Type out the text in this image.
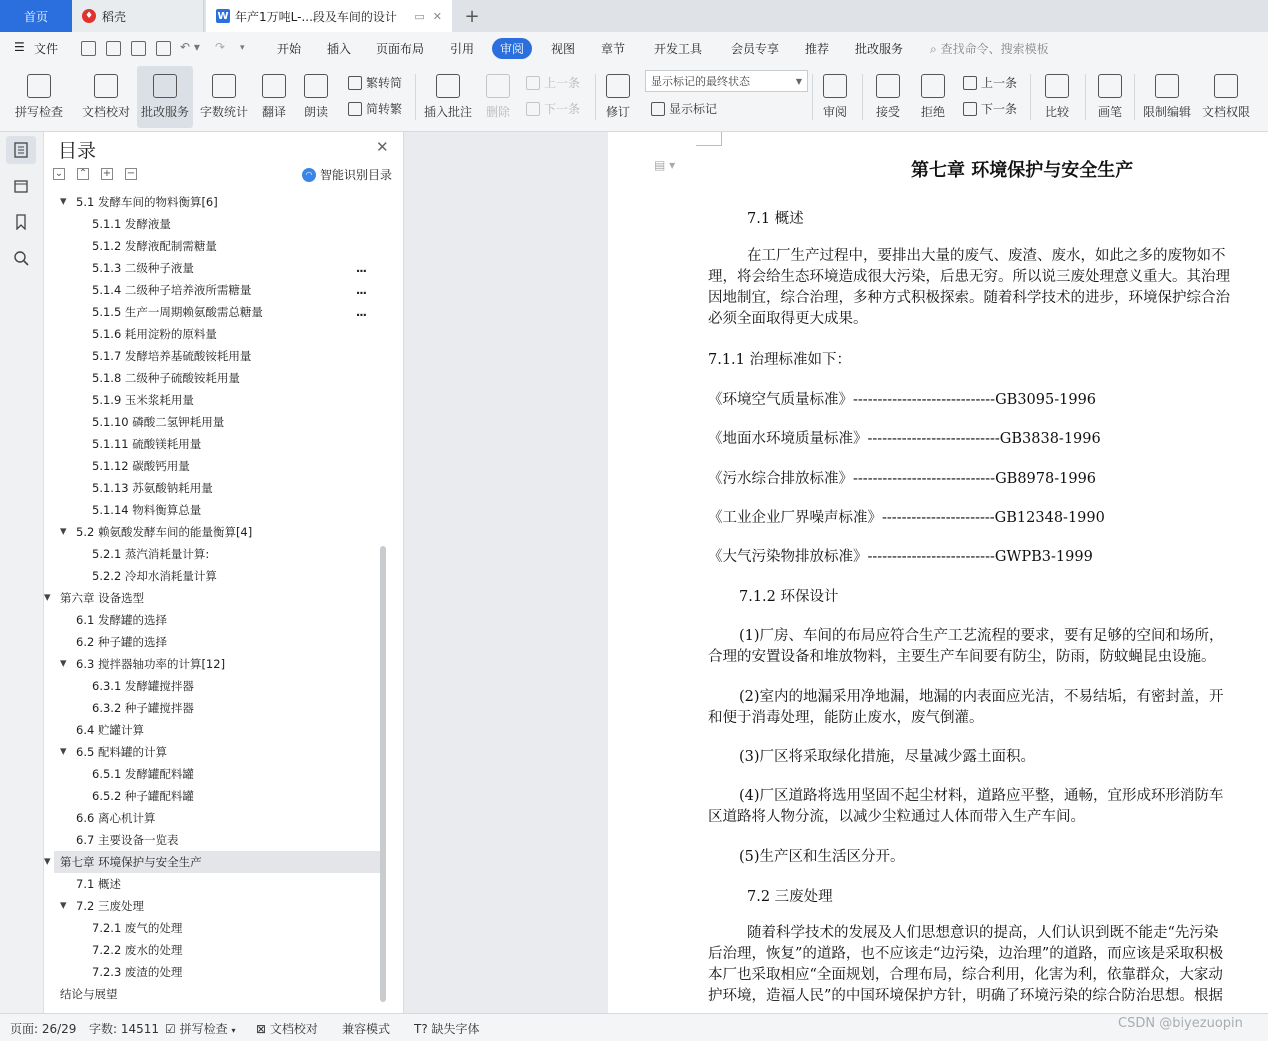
首页	♦ 稻壳	W 年产1万吨L-...段及车间的设计 ▭ ✕ +
☰ 文件	↶ ▾ ↷ ▾	开始 插入 页面布局 引用	审阅	视图 章节 开发工具 会员专享 推荐 批改服务 ⌕ 查找命令、搜索模板
拼写检查 文档校对 批改服务 字数统计 翻译 朗读
繁转简
简转繁 插入批注 删除
上一条
下一条 修订
显示标记的最终状态	▼
显示标记	审阅 接受 拒绝
上一条
下一条 比较 画笔 限制编辑 文档权限
目录	✕
⌄ ⌃ + −	◠ 智能识别目录
▾ 5.1 发酵车间的物料衡算[6]
5.1.1 发酵液量
5.1.2 发酵液配制需糖量
5.1.3 二级种子液量	...
5.1.4 二级种子培养液所需糖量	...
5.1.5 生产一周期赖氨酸需总糖量	...
5.1.6 耗用淀粉的原料量
5.1.7 发酵培养基硫酸铵耗用量
5.1.8 二级种子硫酸铵耗用量
5.1.9 玉米浆耗用量
5.1.10 磷酸二氢钾耗用量
5.1.11 硫酸镁耗用量
5.1.12 碳酸钙用量
5.1.13 苏氨酸钠耗用量
5.1.14 物料衡算总量
▾ 5.2 赖氨酸发酵车间的能量衡算[4]
5.2.1 蒸汽消耗量计算:
5.2.2 冷却水消耗量计算
▾ 第六章 设备选型
6.1 发酵罐的选择
6.2 种子罐的选择
▾ 6.3 搅拌器轴功率的计算[12]
6.3.1 发酵罐搅拌器
6.3.2 种子罐搅拌器
6.4 贮罐计算
▾ 6.5 配料罐的计算
6.5.1 发酵罐配料罐
6.5.2 种子罐配料罐
6.6 离心机计算
6.7 主要设备一览表
▾ 第七章 环境保护与安全生产
7.1 概述
▾ 7.2 三废处理
7.2.1 废气的处理
7.2.2 废水的处理
7.2.3 废渣的处理
结论与展望
▤ ▾	第七章 环境保护与安全生产
7.1 概述
在工厂生产过程中，要排出大量的废气、废渣、废水，如此之多的废物如不
理，将会给生态环境造成很大污染，后患无穷。所以说三废处理意义重大。其治理
因地制宜，综合治理，多种方式积极探索。随着科学技术的进步，环境保护综合治
必须全面取得更大成果。
7.1.1 治理标准如下：
《环境空气质量标准》-----------------------------GB3095-1996
《地面水环境质量标准》---------------------------GB3838-1996
《污水综合排放标准》-----------------------------GB8978-1996
《工业企业厂界噪声标准》-----------------------GB12348-1990
《大气污染物排放标准》--------------------------GWPB3-1999
7.1.2 环保设计
(1)厂房、车间的布局应符合生产工艺流程的要求，要有足够的空间和场所，
合理的安置设备和堆放物料，主要生产车间要有防尘，防雨，防蚊蝇昆虫设施。
(2)室内的地漏采用净地漏，地漏的内表面应光洁，不易结垢，有密封盖，开
和便于消毒处理，能防止废水，废气倒灌。
(3)厂区将采取绿化措施，尽量减少露土面积。
(4)厂区道路将选用坚固不起尘材料，道路应平整，通畅，宜形成环形消防车
区道路将人物分流，以减少尘粒通过人体而带入生产车间。
(5)生产区和生活区分开。
7.2 三废处理
随着科学技术的发展及人们思想意识的提高，人们认识到既不能走“先污染
后治理，恢复”的道路，也不应该走“边污染，边治理”的道路，而应该是采取积极
本厂也采取相应“全面规划，合理布局，综合利用，化害为利，依靠群众，大家动
护环境，造福人民”的中国环境保护方针，明确了环境污染的综合防治思想。根据
页面: 26/29 字数: 14511 ☑ 拼写检查 ▾ ⊠ 文档校对 兼容模式 T? 缺失字体	CSDN @biyezuopin
